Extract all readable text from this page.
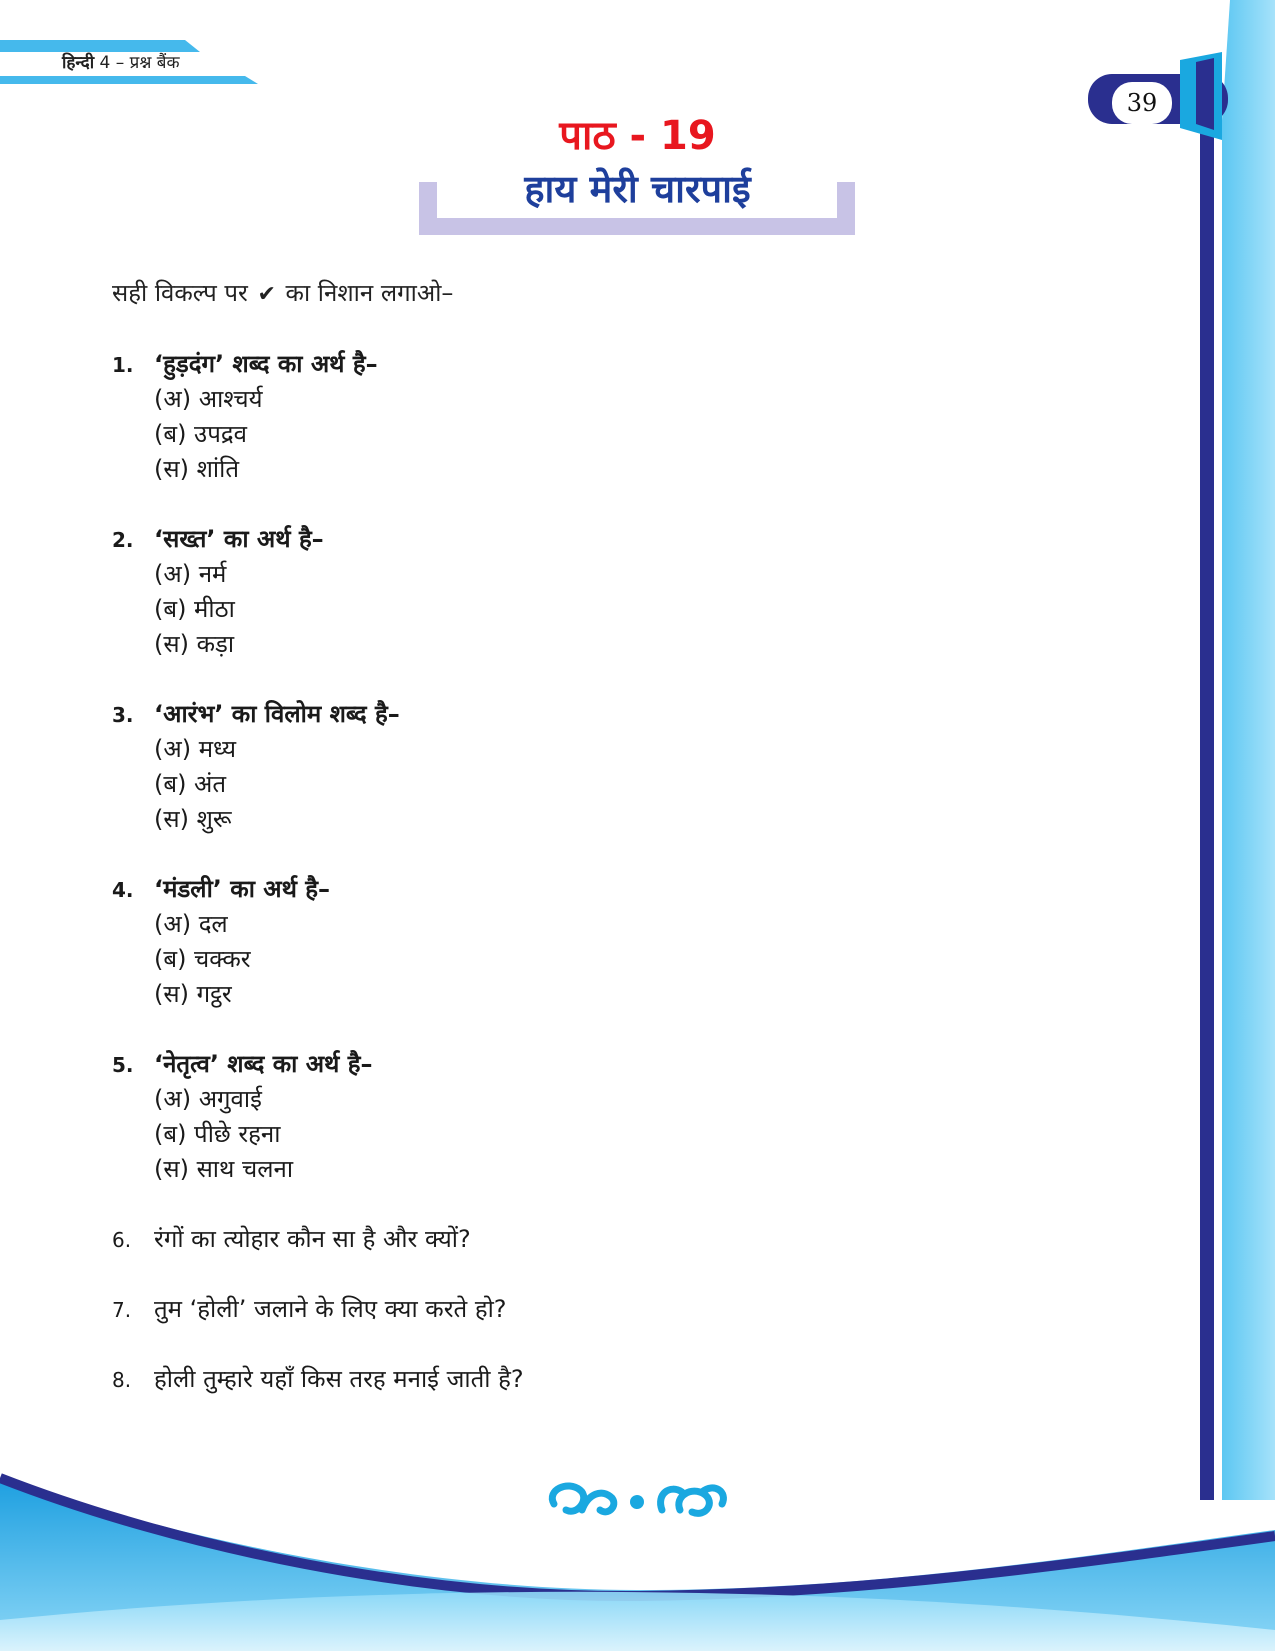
हिन्दी 4 – प्रश्न बैंक
39
पाठ - 19
हाय मेरी चारपाई
सही विकल्प पर ✔ का निशान लगाओ–
1. ‘हुड़दंग’ शब्द का अर्थ है–
(अ) आश्चर्य
(ब) उपद्रव
(स) शांति
2. ‘सख्त’ का अर्थ है–
(अ) नर्म
(ब) मीठा
(स) कड़ा
3. ‘आरंभ’ का विलोम शब्द है–
(अ) मध्य
(ब) अंत
(स) शुरू
4. ‘मंडली’ का अर्थ है–
(अ) दल
(ब) चक्कर
(स) गट्ठर
5. ‘नेतृत्व’ शब्द का अर्थ है–
(अ) अगुवाई
(ब) पीछे रहना
(स) साथ चलना
6. रंगों का त्योहार कौन सा है और क्यों?
7. तुम ‘होली’ जलाने के लिए क्या करते हो?
8. होली तुम्हारे यहाँ किस तरह मनाई जाती है?
